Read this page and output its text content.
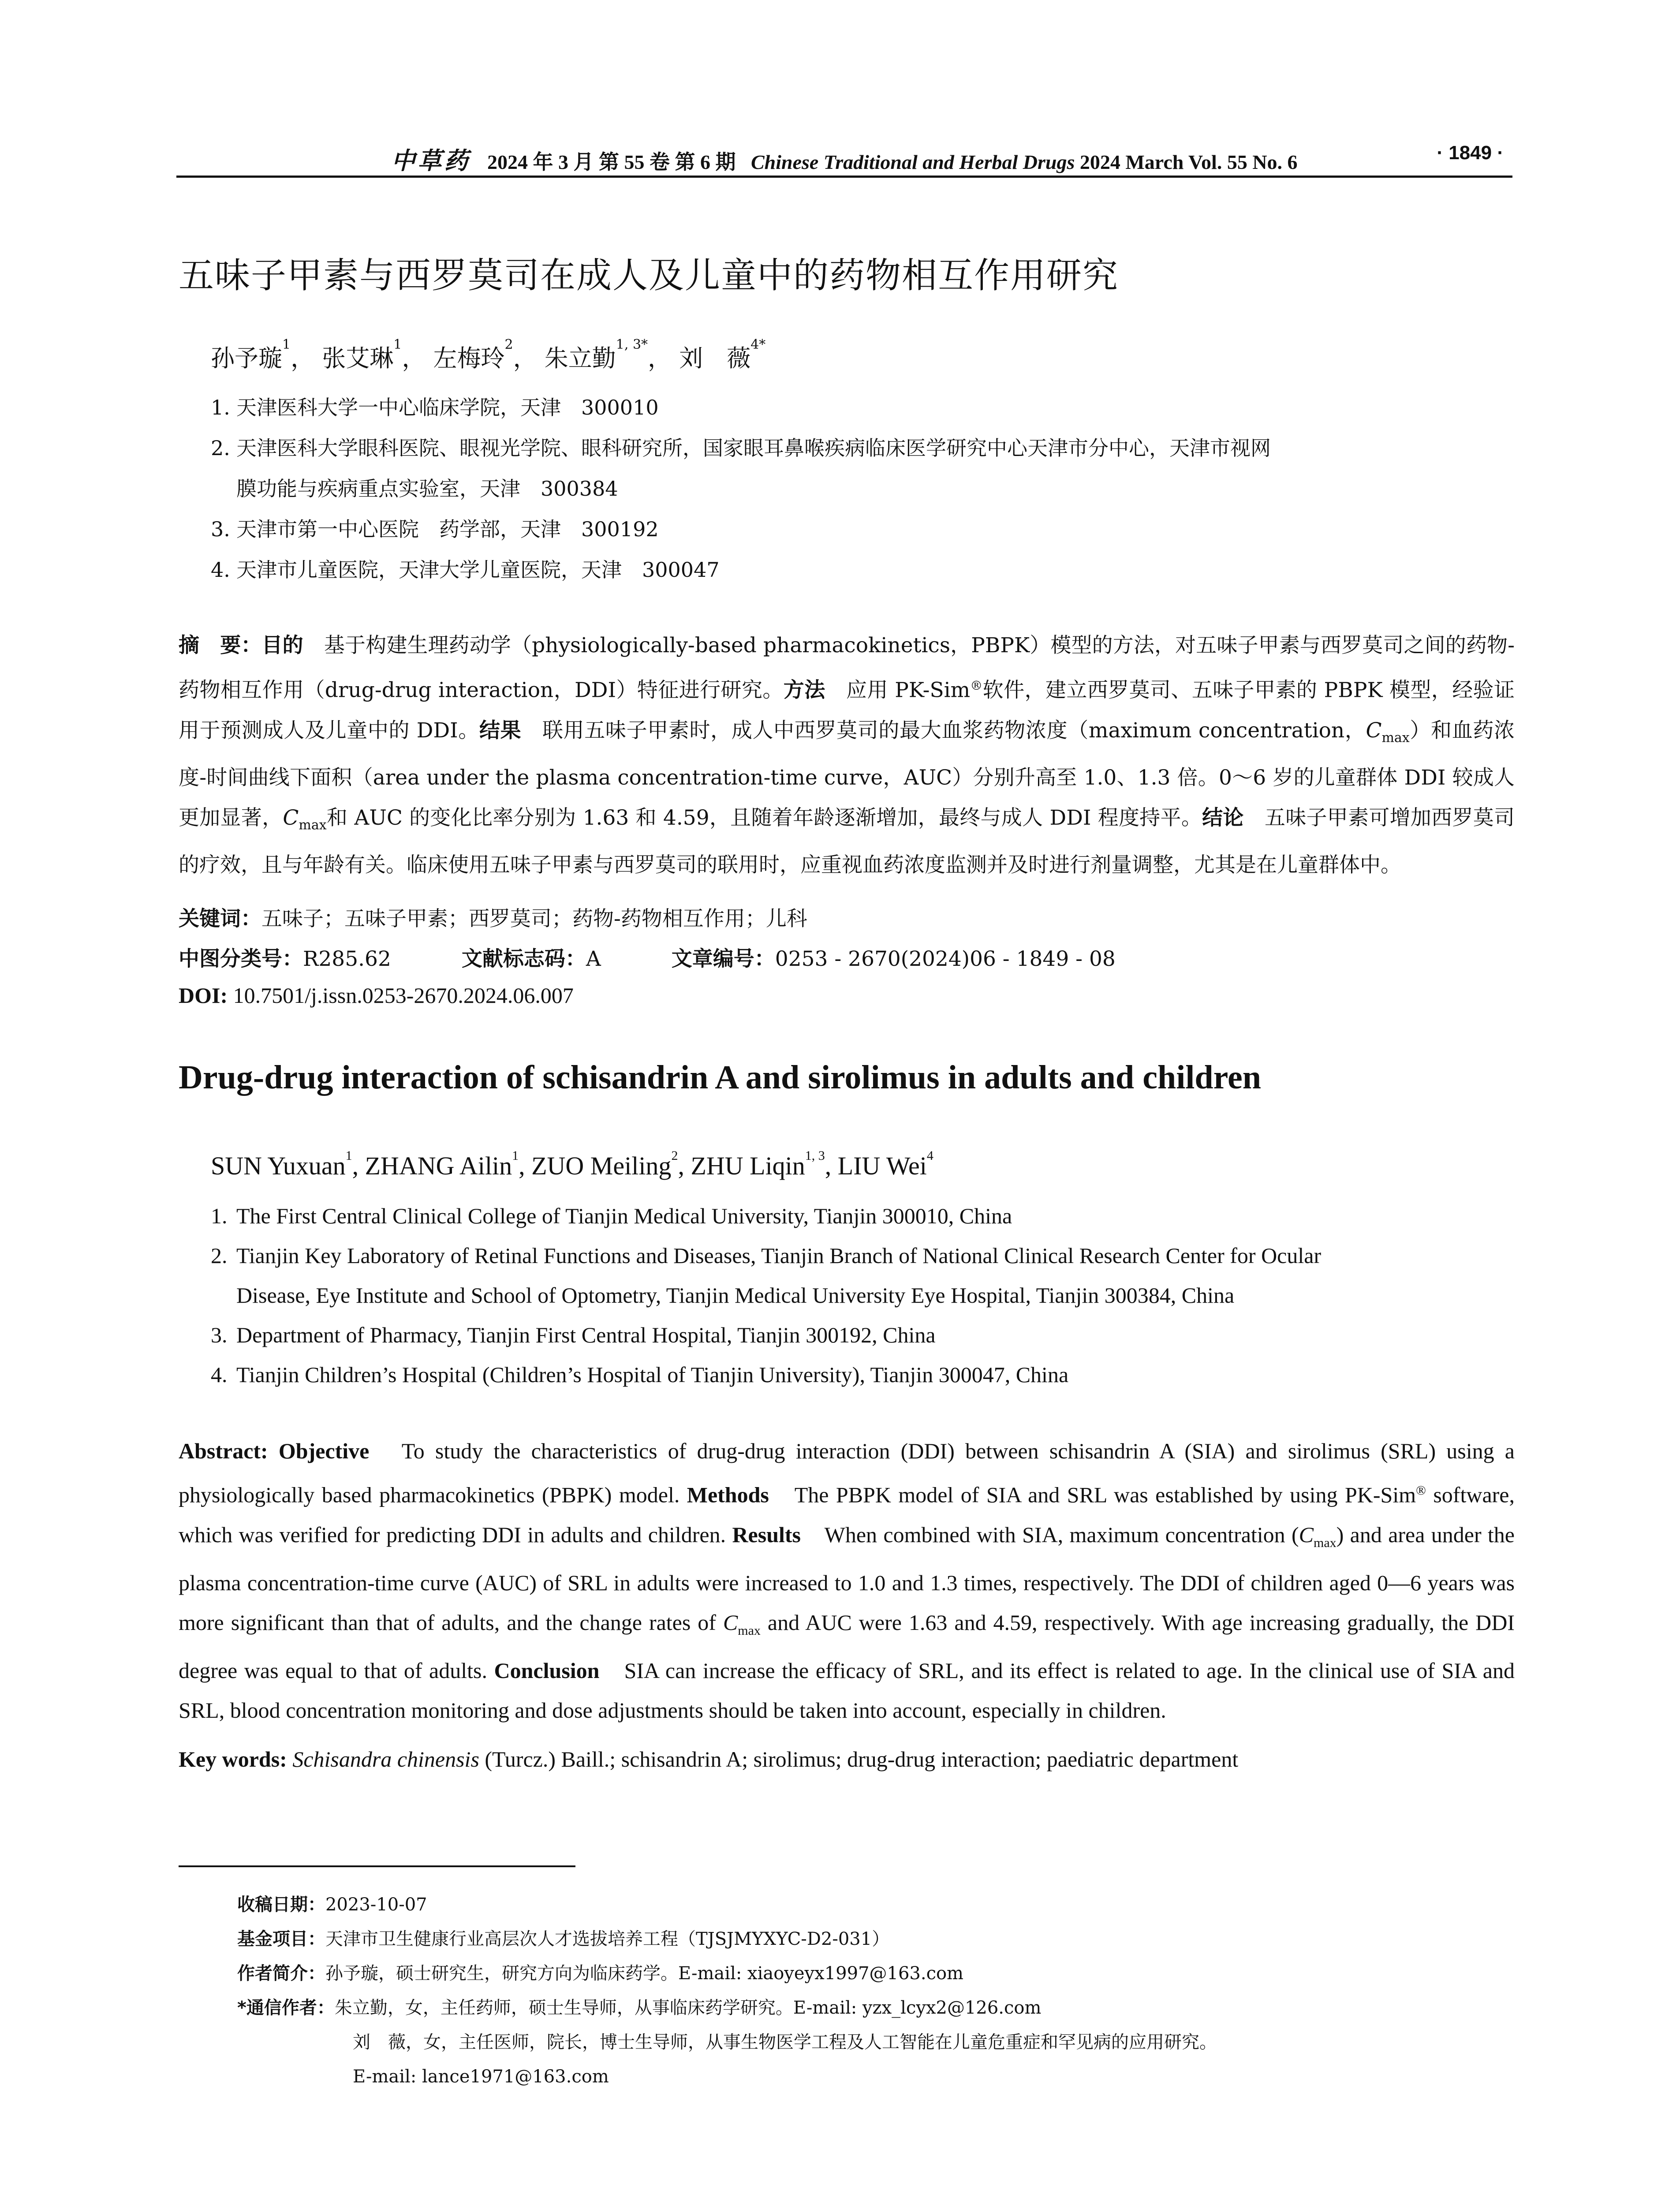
中草药 2024 年 3 月 第 55 卷 第 6 期 Chinese Traditional and Herbal Drugs 2024 March Vol. 55 No. 6	· 1849 ·
五味子甲素与西罗莫司在成人及儿童中的药物相互作用研究
孙予璇$^1$， 张艾琳$^1$， 左梅玲$^2$， 朱立勤$^{1, 3*}$， 刘　薇$^{4*}$
1. 天津医科大学一中心临床学院，天津　300010
2. 天津医科大学眼科医院、眼视光学院、眼科研究所，国家眼耳鼻喉疾病临床医学研究中心天津市分中心，天津市视网
膜功能与疾病重点实验室，天津　300384
3. 天津市第一中心医院　药学部，天津　300192
4. 天津市儿童医院，天津大学儿童医院，天津　300047
摘　要：目的　基于构建生理药动学（physiologically-based pharmacokinetics，PBPK）模型的方法，对五味子甲素与西罗莫司之间的药物-药物相互作用（drug-drug interaction，DDI）特征进行研究。方法　应用 PK-Sim®软件，建立西罗莫司、五味子甲素的 PBPK 模型，经验证用于预测成人及儿童中的 DDI。结果　联用五味子甲素时，成人中西罗莫司的最大血浆药物浓度（maximum concentration，$C_{max}$）和血药浓度-时间曲线下面积（area under the plasma concentration-time curve，AUC）分别升高至 1.0、1.3 倍。0～6 岁的儿童群体 DDI 较成人更加显著，$C_{max}$和 AUC 的变化比率分别为 1.63 和 4.59，且随着年龄逐渐增加，最终与成人 DDI 程度持平。结论　五味子甲素可增加西罗莫司的疗效，且与年龄有关。临床使用五味子甲素与西罗莫司的联用时，应重视血药浓度监测并及时进行剂量调整，尤其是在儿童群体中。
关键词：五味子；五味子甲素；西罗莫司；药物-药物相互作用；儿科
中图分类号：R285.62	文献标志码：A	文章编号：0253 - 2670(2024)06 - 1849 - 08
DOI: 10.7501/j.issn.0253-2670.2024.06.007
Drug-drug interaction of schisandrin A and sirolimus in adults and children
SUN Yuxuan$^1$, ZHANG Ailin$^1$, ZUO Meiling$^2$, ZHU Liqin$^{1, 3}$, LIU Wei$^4$
1. The First Central Clinical College of Tianjin Medical University, Tianjin 300010, China
2. Tianjin Key Laboratory of Retinal Functions and Diseases, Tianjin Branch of National Clinical Research Center for Ocular
Disease, Eye Institute and School of Optometry, Tianjin Medical University Eye Hospital, Tianjin 300384, China
3. Department of Pharmacy, Tianjin First Central Hospital, Tianjin 300192, China
4. Tianjin Children’s Hospital (Children’s Hospital of Tianjin University), Tianjin 300047, China
Abstract: Objective　To study the characteristics of drug-drug interaction (DDI) between schisandrin A (SIA) and sirolimus (SRL) using a physiologically based pharmacokinetics (PBPK) model. Methods　The PBPK model of SIA and SRL was established by using PK-Sim® software, which was verified for predicting DDI in adults and children. Results　When combined with SIA, maximum concentration $(C_{max})$ and area under the plasma concentration-time curve (AUC) of SRL in adults were increased to 1.0 and 1.3 times, respectively. The DDI of children aged 0—6 years was more significant than that of adults, and the change rates of $C_{max}$ and AUC were 1.63 and 4.59, respectively. With age increasing gradually, the DDI degree was equal to that of adults. Conclusion　SIA can increase the efficacy of SRL, and its effect is related to age. In the clinical use of SIA and SRL, blood concentration monitoring and dose adjustments should be taken into account, especially in children.
Key words: Schisandra chinensis (Turcz.) Baill.; schisandrin A; sirolimus; drug-drug interaction; paediatric department
收稿日期：2023-10-07
基金项目：天津市卫生健康行业高层次人才选拔培养工程（TJSJMYXYC-D2-031）
作者简介：孙予璇，硕士研究生，研究方向为临床药学。E-mail: xiaoyeyx1997@163.com
*通信作者：朱立勤，女，主任药师，硕士生导师，从事临床药学研究。E-mail: yzx_lcyx2@126.com
刘　薇，女，主任医师，院长，博士生导师，从事生物医学工程及人工智能在儿童危重症和罕见病的应用研究。
E-mail: lance1971@163.com
